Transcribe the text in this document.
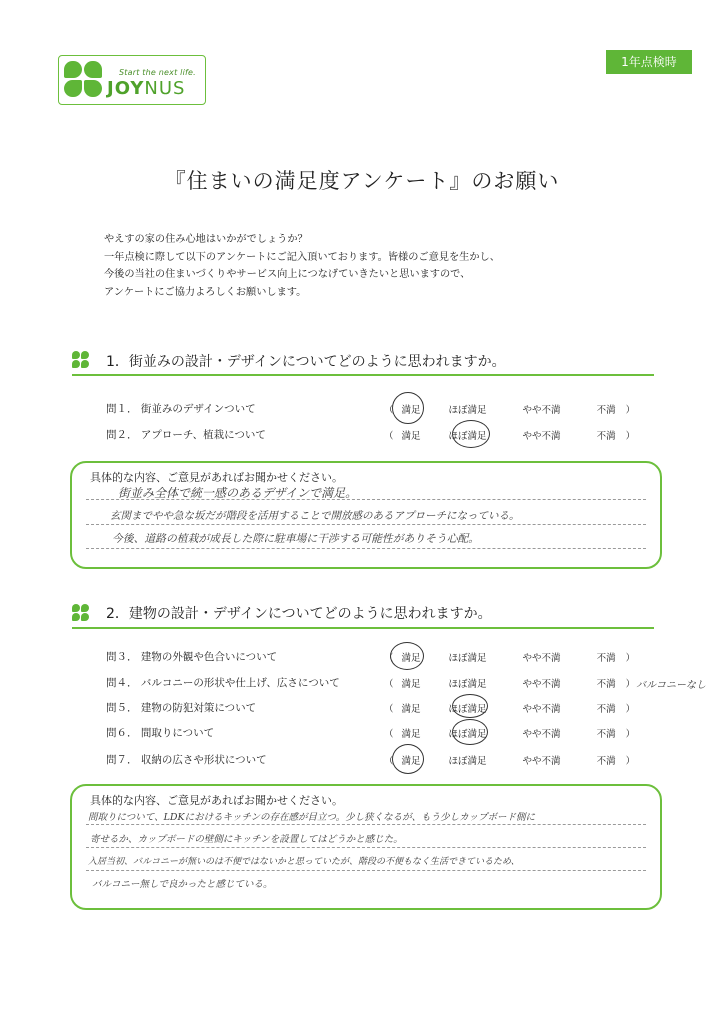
Start the next life.
JOYNUS
1年点検時
『住まいの満足度アンケート』のお願い
やえすの家の住み心地はいかがでしょうか？
一年点検に際して以下のアンケートにご記入頂いております。皆様のご意見を生かし、
今後の当社の住まいづくりやサービス向上につなげていきたいと思いますので、
アンケートにご協力よろしくお願いします。
1．街並みの設計・デザインについてどのように思われますか。
問１． 街並みのデザインついて	（ 満足	ほぼ満足	やや不満	不満 ）
問２． アプローチ、植栽について	（ 満足	ほぼ満足	やや不満	不満 ）
具体的な内容、ご意見があればお聞かせください。
街並み全体で統一感のあるデザインで満足。
玄関までやや急な坂だが階段を活用することで開放感のあるアプローチになっている。
今後、道路の植栽が成長した際に駐車場に干渉する可能性がありそう心配。
2．建物の設計・デザインについてどのように思われますか。
問３． 建物の外観や色合いについて	（ 満足	ほぼ満足	やや不満	不満 ）
問４． バルコニーの形状や仕上げ、広さについて	（ 満足	ほぼ満足	やや不満	不満 ） バルコニーなし
問５． 建物の防犯対策について	（ 満足	ほぼ満足	やや不満	不満 ）
問６． 間取りについて	（ 満足	ほぼ満足	やや不満	不満 ）
問７． 収納の広さや形状について	（ 満足	ほぼ満足	やや不満	不満 ）
具体的な内容、ご意見があればお聞かせください。
間取りについて、LDKにおけるキッチンの存在感が目立つ。少し狭くなるが、もう少しカップボード側に
寄せるか、カップボードの壁側にキッチンを設置してはどうかと感じた。
入居当初、バルコニーが無いのは不便ではないかと思っていたが、階段の不便もなく生活できているため、
バルコニー無しで良かったと感じている。
